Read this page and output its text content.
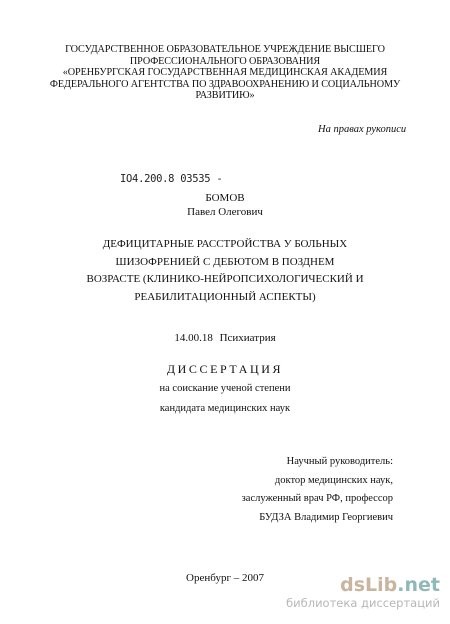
ГОСУДАРСТВЕННОЕ ОБРАЗОВАТЕЛЬНОЕ УЧРЕЖДЕНИЕ ВЫСШЕГО
ПРОФЕССИОНАЛЬНОГО ОБРАЗОВАНИЯ
«ОРЕНБУРГСКАЯ ГОСУДАРСТВЕННАЯ МЕДИЦИНСКАЯ АКАДЕМИЯ
ФЕДЕРАЛЬНОГО АГЕНТСТВА ПО ЗДРАВООХРАНЕНИЮ И СОЦИАЛЬНОМУ
РАЗВИТИЮ»
На правах рукописи
ІО4.200.8 03535 -
БОМОВ
Павел Олегович
ДЕФИЦИТАРНЫЕ РАССТРОЙСТВА У БОЛЬНЫХ
ШИЗОФРЕНИЕЙ С ДЕБЮТОМ В ПОЗДНЕМ
ВОЗРАСТЕ (КЛИНИКО-НЕЙРОПСИХОЛОГИЧЕСКИЙ И
РЕАБИЛИТАЦИОННЫЙ АСПЕКТЫ)
14.00.18 Психиатрия
ДИССЕРТАЦИЯ
на соискание ученой степени
кандидата медицинских наук
Научный руководитель:
доктор медицинских наук,
заслуженный врач РФ, профессор
БУДЗА Владимир Георгиевич
Оренбург – 2007	dsLib.net
библиотека диссертаций
